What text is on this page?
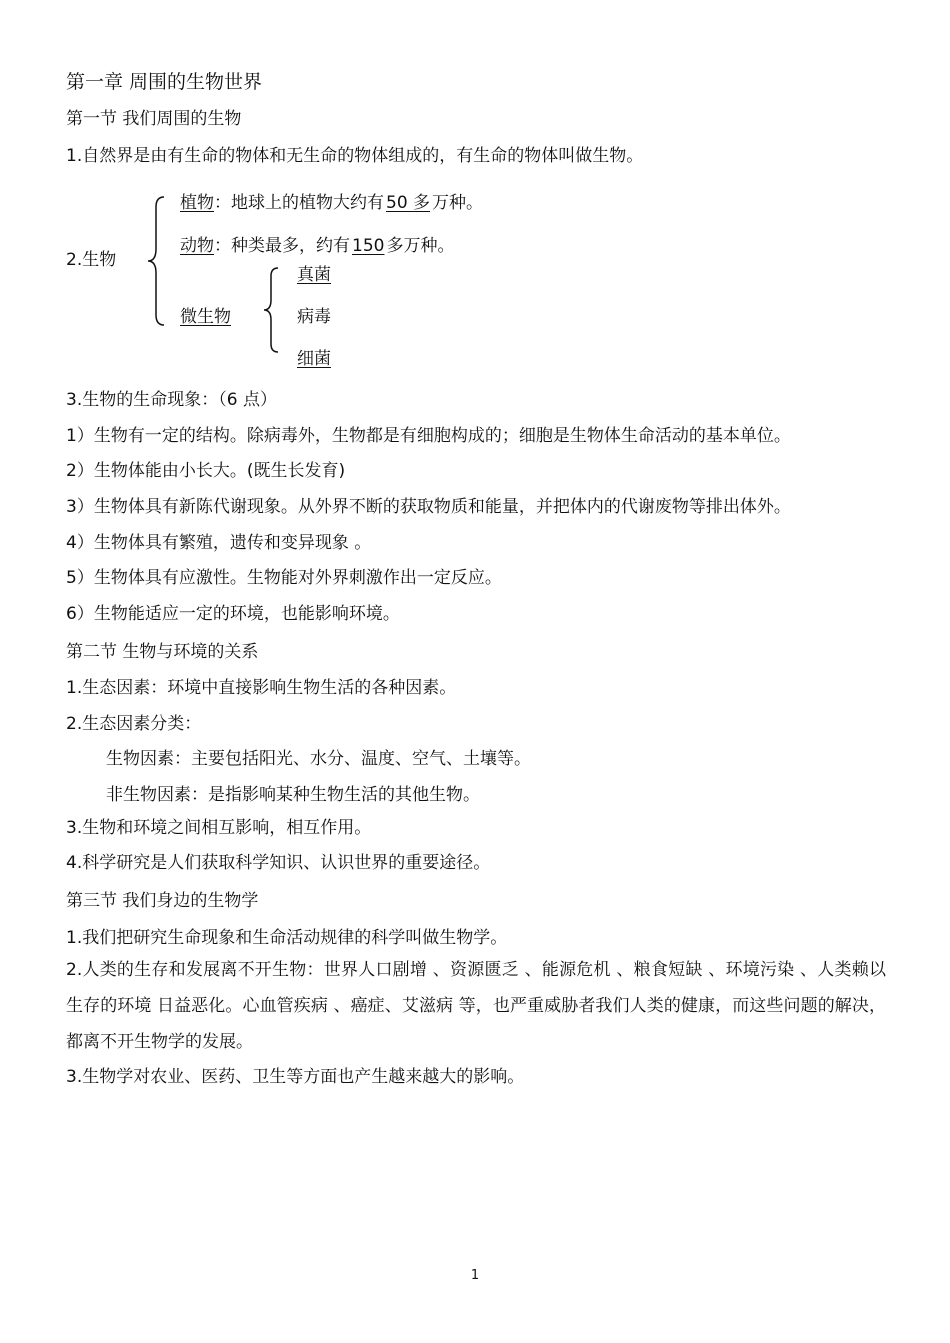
第一章 周围的生物世界
第一节 我们周围的生物
1.自然界是由有生命的物体和无生命的物体组成的，有生命的物体叫做生物。
2.生物
植物：地球上的植物大约有50 多万种。
动物：种类最多，约有150多万种。
微生物
真菌
病毒
细菌
3.生物的生命现象：（6 点）
1）生物有一定的结构。除病毒外，生物都是有细胞构成的；细胞是生物体生命活动的基本单位。
2）生物体能由小长大。(既生长发育)
3）生物体具有新陈代谢现象。从外界不断的获取物质和能量，并把体内的代谢废物等排出体外。
4）生物体具有繁殖，遗传和变异现象 。
5）生物体具有应激性。生物能对外界刺激作出一定反应。
6）生物能适应一定的环境，也能影响环境。
第二节 生物与环境的关系
1.生态因素：环境中直接影响生物生活的各种因素。
2.生态因素分类：
生物因素：主要包括阳光、水分、温度、空气、土壤等。
非生物因素：是指影响某种生物生活的其他生物。
3.生物和环境之间相互影响，相互作用。
4.科学研究是人们获取科学知识、认识世界的重要途径。
第三节 我们身边的生物学
1.我们把研究生命现象和生命活动规律的科学叫做生物学。
2.人类的生存和发展离不开生物：世界人口剧增 、资源匮乏 、能源危机 、粮食短缺 、环境污染 、人类赖以生存的环境 日益恶化。心血管疾病 、癌症、艾滋病 等，也严重威胁者我们人类的健康，而这些问题的解决，都离不开生物学的发展。
3.生物学对农业、医药、卫生等方面也产生越来越大的影响。
1
